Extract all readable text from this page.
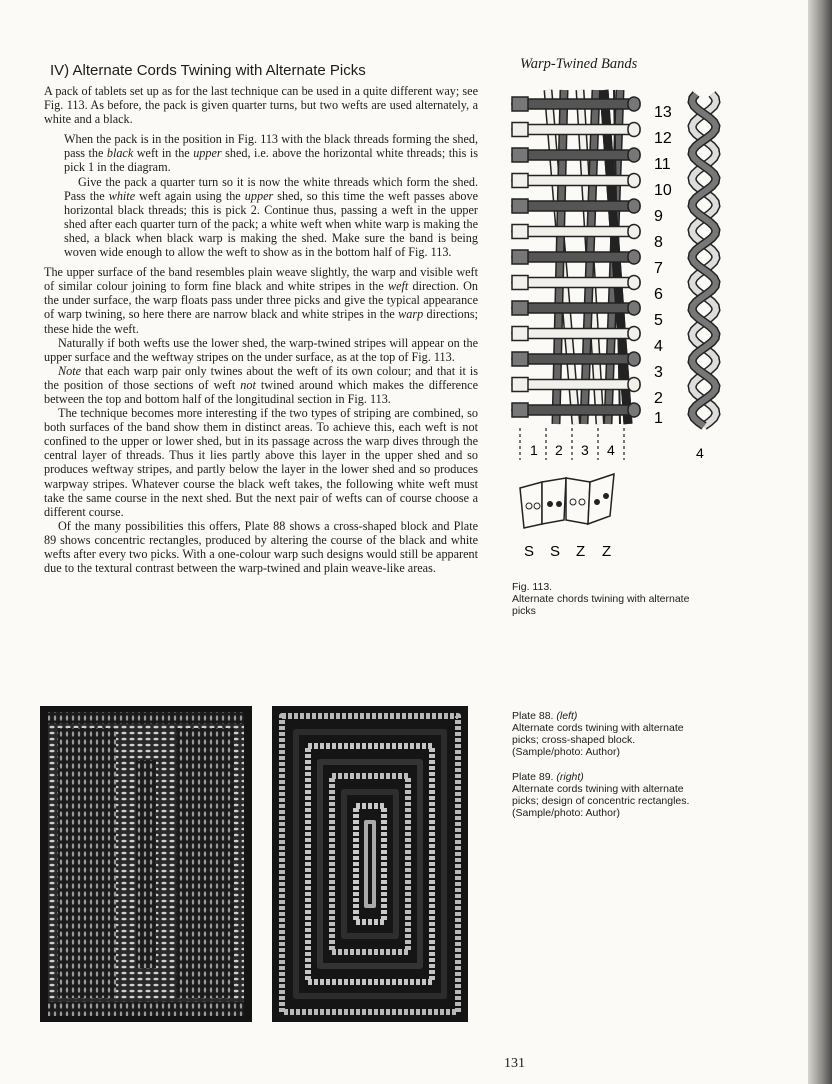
Warp-Twined Bands
IV) Alternate Cords Twining with Alternate Picks

A pack of tablets set up as for the last technique can be used in a quite different way; see Fig. 113. As before, the pack is given quarter turns, but two wefts are used alternately, a white and a black.

When the pack is in the position in Fig. 113 with the black threads forming the shed, pass the black weft in the upper shed, i.e. above the horizontal white threads; this is pick 1 in the diagram.

Give the pack a quarter turn so it is now the white threads which form the shed. Pass the white weft again using the upper shed, so this time the weft passes above horizontal black threads; this is pick 2. Continue thus, passing a weft in the upper shed after each quarter turn of the pack; a white weft when white warp is making the shed, a black when black warp is making the shed. Make sure the band is being woven wide enough to allow the weft to show as in the bottom half of Fig. 113.

The upper surface of the band resembles plain weave slightly, the warp and visible weft of similar colour joining to form fine black and white stripes in the weft direction. On the under surface, the warp floats pass under three picks and give the typical appearance of warp twining, so here there are narrow black and white stripes in the warp directions; these hide the weft.

Naturally if both wefts use the lower shed, the warp-twined stripes will appear on the upper surface and the weftway stripes on the under surface, as at the top of Fig. 113.

Note that each warp pair only twines about the weft of its own colour; and that it is the position of those sections of weft not twined around which makes the difference between the top and bottom half of the longitudinal section in Fig. 113.

The technique becomes more interesting if the two types of striping are combined, so both surfaces of the band show them in distinct areas. To achieve this, each weft is not confined to the upper or lower shed, but in its passage across the warp dives through the central layer of threads. Thus it lies partly above this layer in the upper shed and so produces weftway stripes, and partly below the layer in the lower shed and so produces warpway stripes. Whatever course the black weft takes, the following white weft must take the same course in the next shed. But the next pair of wefts can of course choose a different course.

Of the many possibilities this offers, Plate 88 shows a cross-shaped block and Plate 89 shows concentric rectangles, produced by altering the course of the black and white wefts after every two picks. With a one-colour warp such designs would still be apparent due to the textural contrast between the warp-twined and plain weave-like areas.

1 2 3 4
13
12
11
10
9
8
7
6
5
4
3
2
1
4
S S Z Z
Fig. 113.
Alternate chords twining with alternate picks
Plate 88. (left)
Alternate cords twining with alternate picks; cross-shaped block.
(Sample/photo: Author)
Plate 89. (right)
Alternate cords twining with alternate picks; design of concentric rectangles.
(Sample/photo: Author)
131
